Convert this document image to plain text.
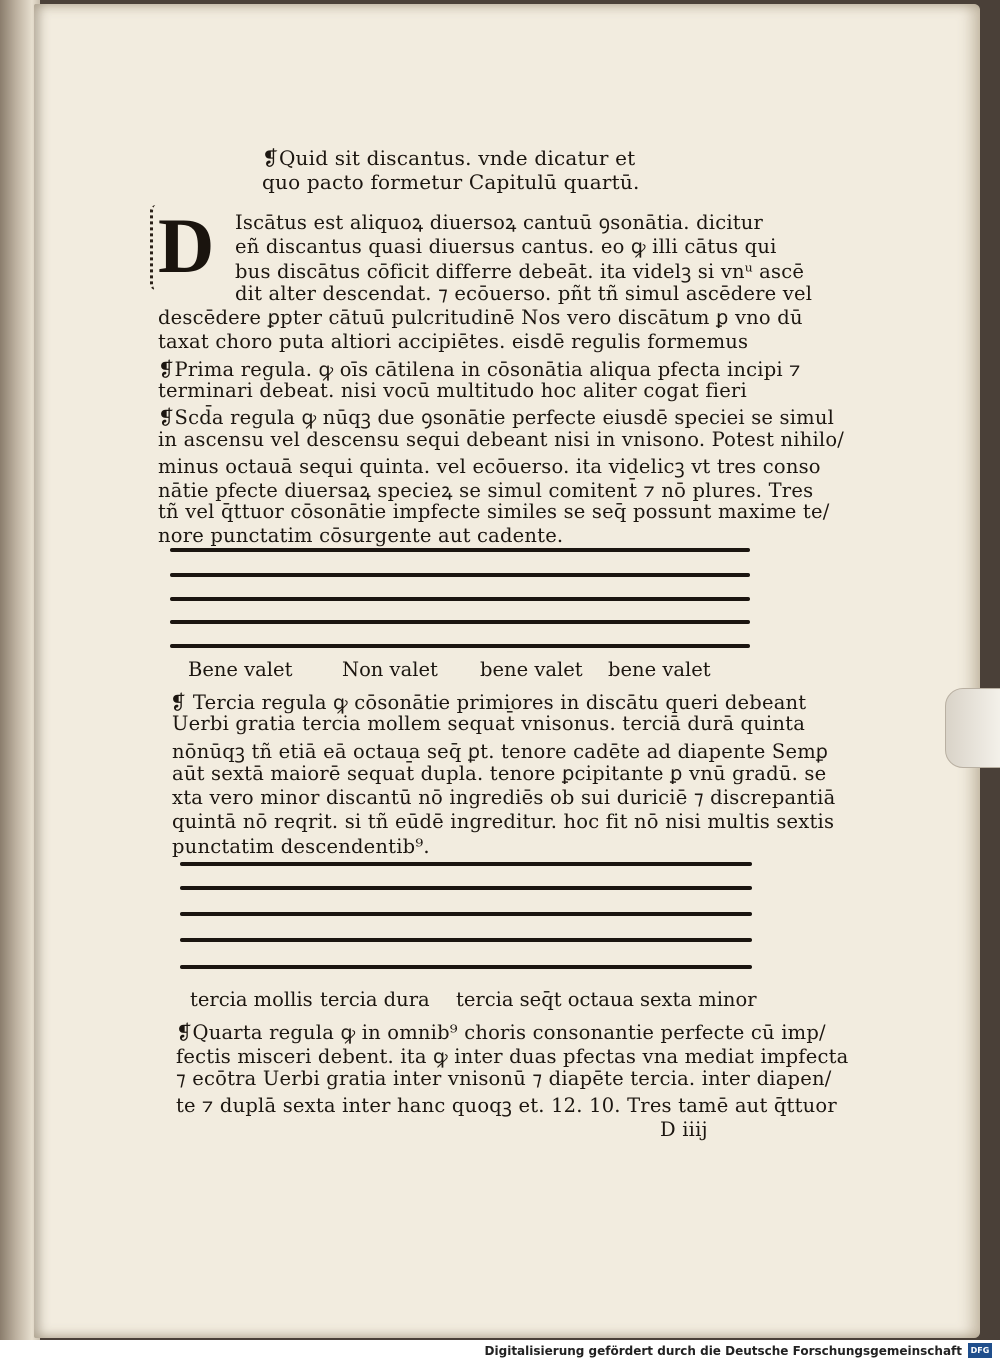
❡Quid sit discantus. vnde dicatur et
quo pacto formetur Capitulū quartū.
D Iscātus est aliquoꝝ diuersoꝝ cantuū ꝯsonātia. dicitur
eñ discantus quasi diuersus cantus. eo ꝙ illi cātus qui
bus discātus cōficit differre debeāt. ita videlꝫ si vnᵘ ascē
dit alter descendat. ⁊ ecōuerso. pñt tñ simul ascēdere vel
descēdere ꝑpter cātuū pulcritudinē Nos vero discātum ꝑ vno dū
taxat choro puta altiori accipiētes. eisdē regulis formemus
❡Prima regula. ꝙ oīs cātilena in cōsonātia aliqua pfecta incipi ⁊
terminari debeat. nisi vocū multitudo hoc aliter cogat fieri
❡Scd̄a regula ꝙ nūqꝫ due ꝯsonātie perfecte eiusdē speciei se simul
in ascensu vel descensu sequi debeant nisi in vnisono. Potest nihilo/
minus octauā sequi quinta. vel ecōuerso. ita videlicꝫ vt tres conso
nātie pfecte diuersaꝝ specieꝝ se simul comitent̄ ⁊ nō plures. Tres
tñ vel q̄ttuor cōsonātie impfecte similes se seq̄ possunt maxime te/
nore punctatim cōsurgente aut cadente.
Bene valet	Non valet bene valet bene valet
❡ Tercia regula ꝙ cōsonātie primiores in discātu queri debeant
Uerbi gratia tercia mollem sequat̄ vnisonus. terciā durā quinta
nōnūqꝫ tñ etiā eā octaua seq̄ ꝑt. tenore cadēte ad diapente Semꝑ
aūt sextā maiorē sequat̄ dupla. tenore ꝑcipitante ꝑ vnū gradū. se
xta vero minor discantū nō ingrediēs ob sui duriciē ⁊ discrepantiā
quintā nō reqrit. si tñ eūdē ingreditur. hoc fit nō nisi multis sextis
punctatim descendentib⁹.
tercia mollis tercia dura tercia seq̄t octaua sexta minor
❡Quarta regula ꝙ in omnib⁹ choris consonantie perfecte cū imp/
fectis misceri debent. ita ꝙ inter duas pfectas vna mediat impfecta
⁊ ecōtra Uerbi gratia inter vnisonū ⁊ diapēte tercia. inter diapen/
te ⁊ duplā sexta inter hanc quoqꝫ et. 12. 10. Tres tamē aut q̄ttuor
D iiij
Digitalisierung gefördert durch die Deutsche Forschungsgemeinschaft	DFG
